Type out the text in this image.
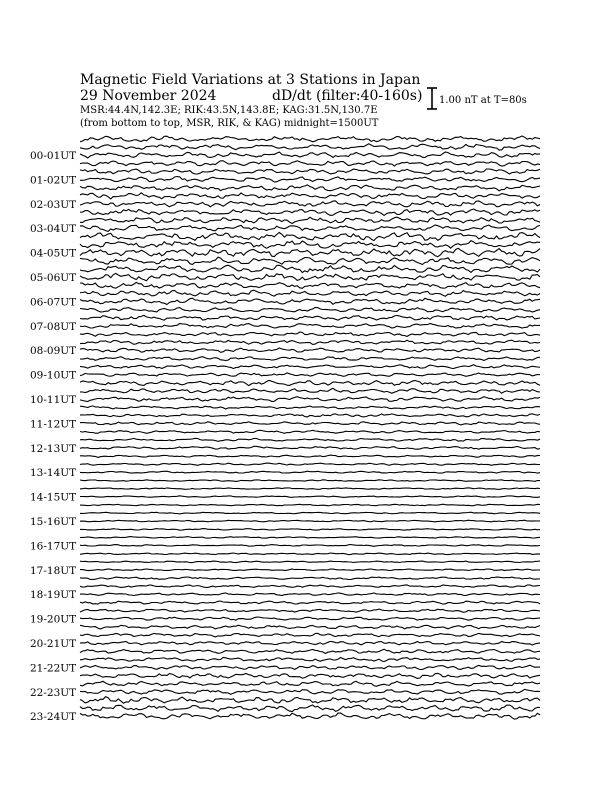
Magnetic Field Variations at 3 Stations in Japan
29 November 2024	dD/dt (filter:40-160s)
MSR:44.4N,142.3E; RIK:43.5N,143.8E; KAG:31.5N,130.7E
(from bottom to top, MSR, RIK, & KAG) midnight=1500UT
1.00 nT at T=80s
00-01UT
01-02UT
02-03UT
03-04UT
04-05UT
05-06UT
06-07UT
07-08UT
08-09UT
09-10UT
10-11UT
11-12UT
12-13UT
13-14UT
14-15UT
15-16UT
16-17UT
17-18UT
18-19UT
19-20UT
20-21UT
21-22UT
22-23UT
23-24UT
